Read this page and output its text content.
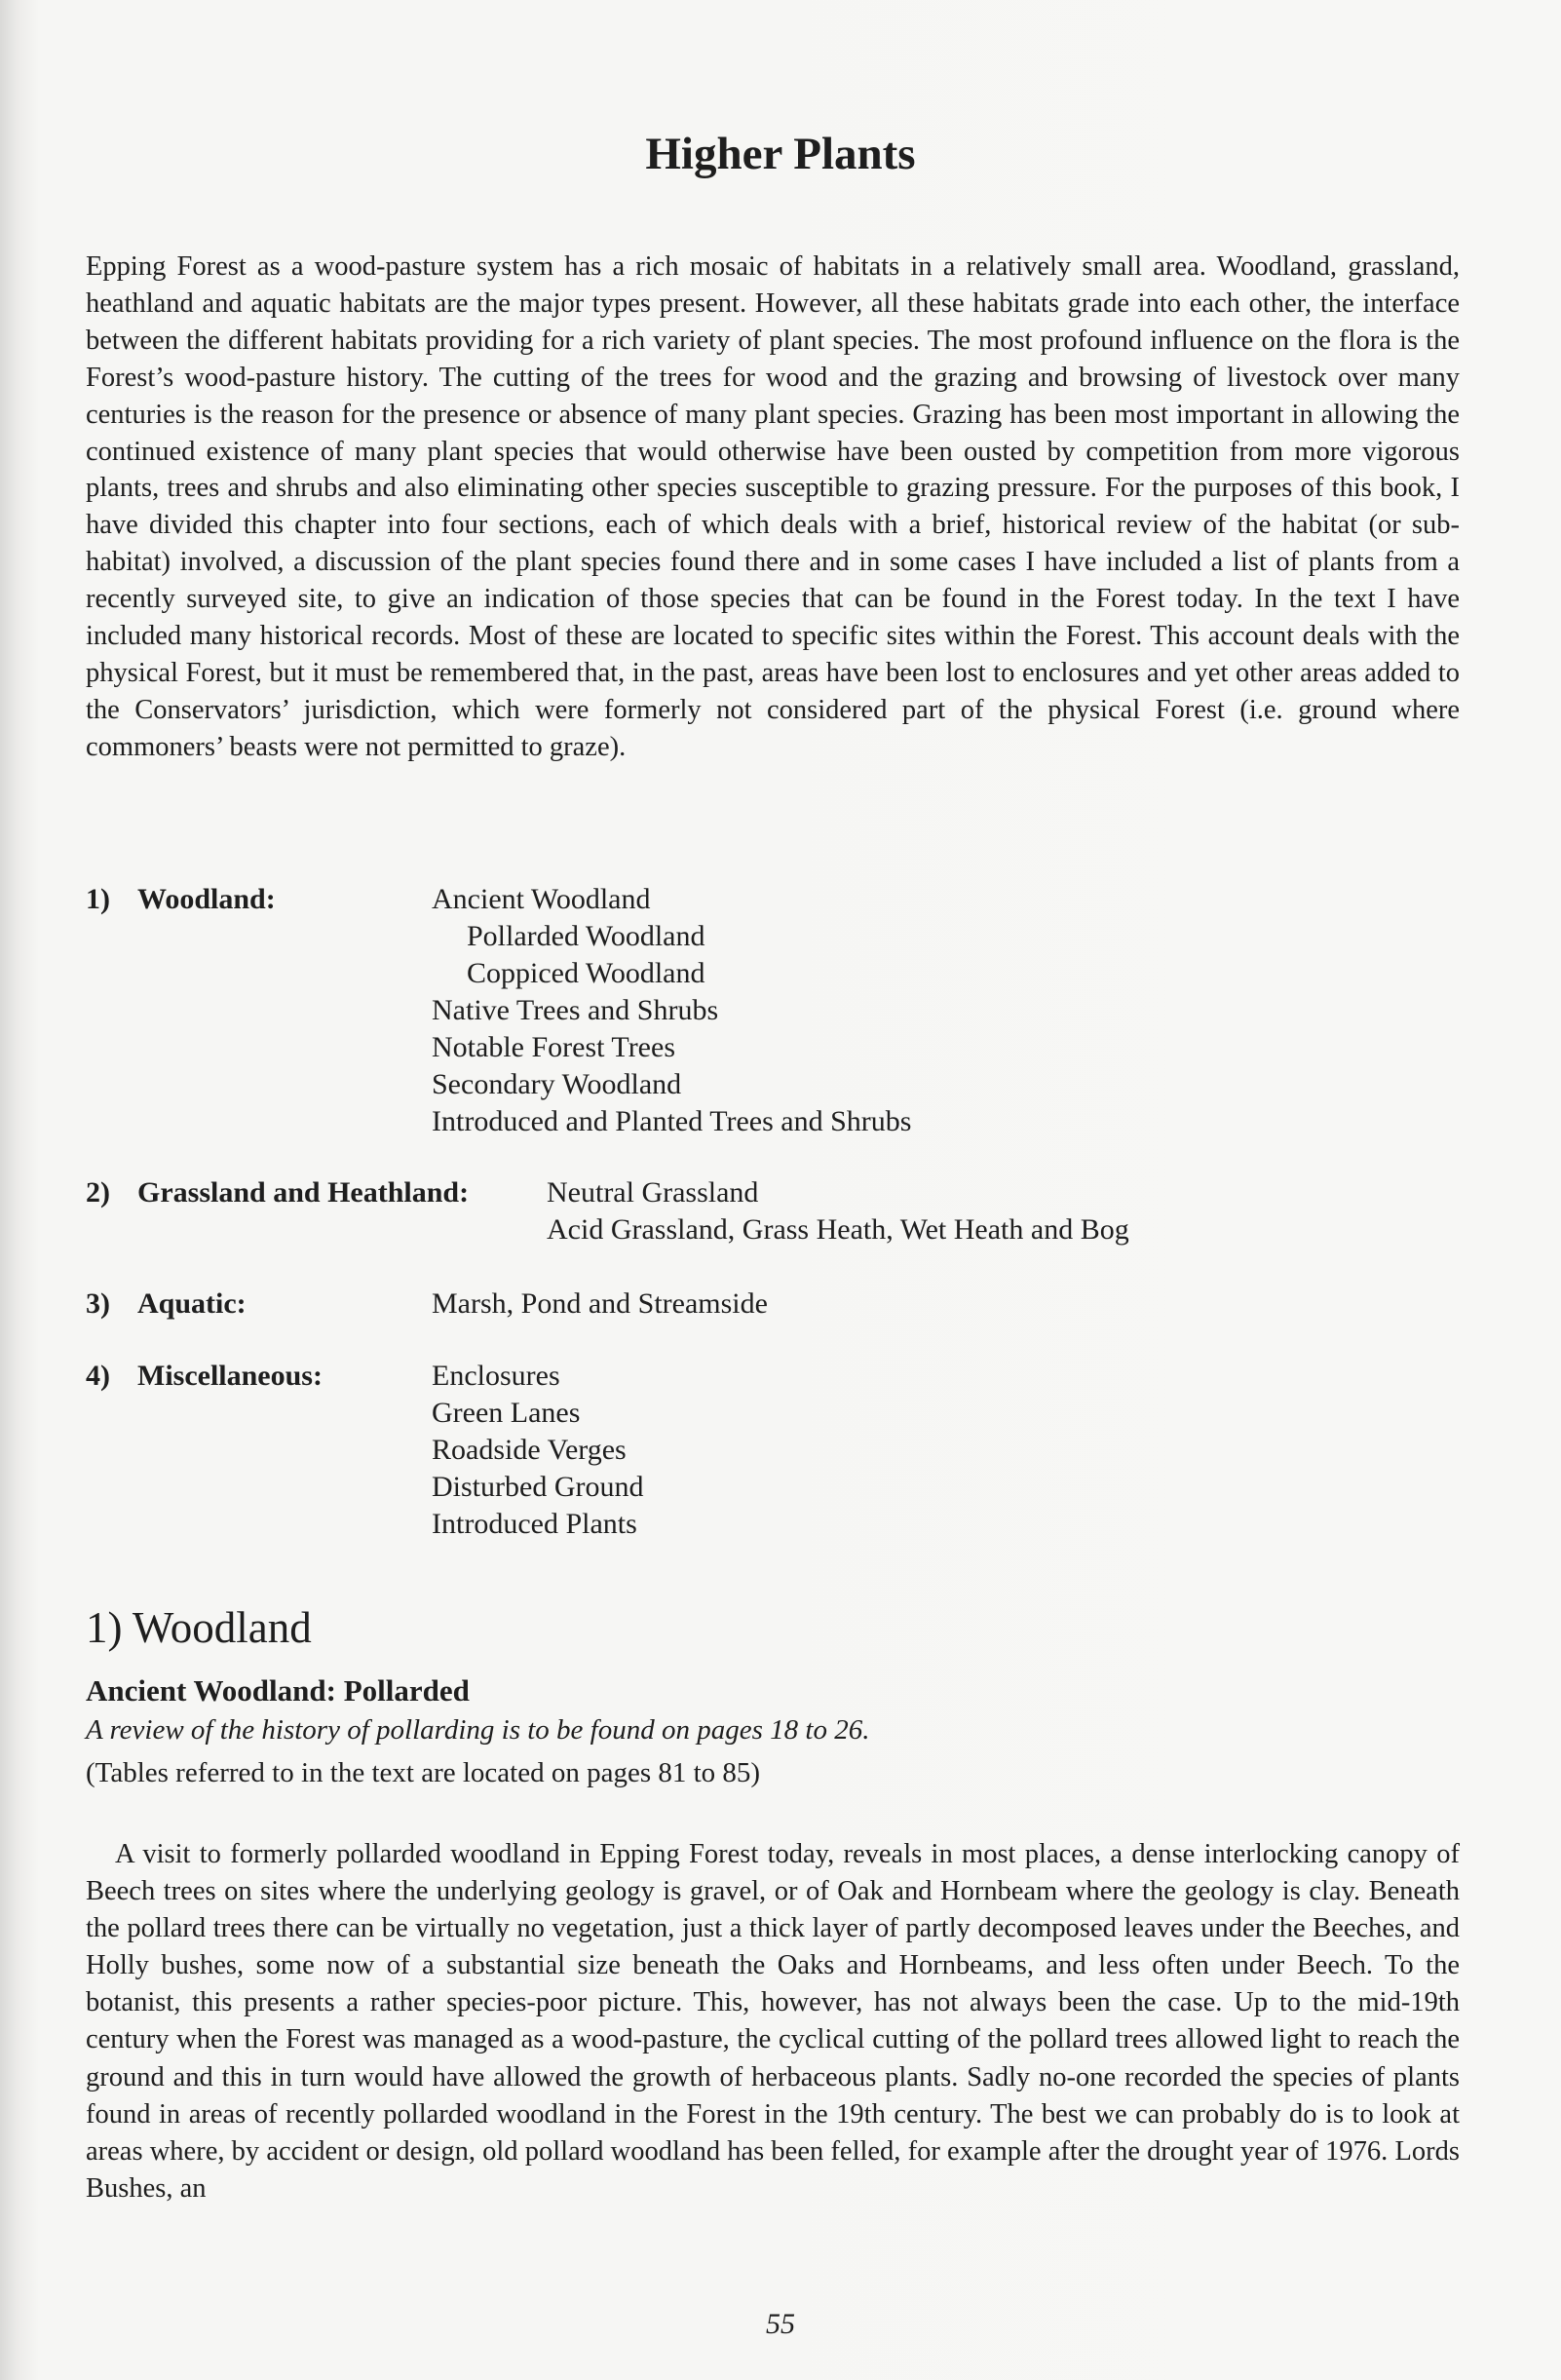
Higher Plants

Epping Forest as a wood-pasture system has a rich mosaic of habitats in a relatively small area. Woodland, grassland, heathland and aquatic habitats are the major types present. However, all these habitats grade into each other, the interface between the different habitats providing for a rich variety of plant species. The most profound influence on the flora is the Forest’s wood-pasture history. The cutting of the trees for wood and the grazing and browsing of livestock over many centuries is the reason for the presence or absence of many plant species. Grazing has been most important in allowing the continued existence of many plant species that would otherwise have been ousted by competition from more vigorous plants, trees and shrubs and also eliminating other species susceptible to grazing pressure. For the purposes of this book, I have divided this chapter into four sections, each of which deals with a brief, historical review of the habitat (or sub-habitat) involved, a discussion of the plant species found there and in some cases I have included a list of plants from a recently surveyed site, to give an indication of those species that can be found in the Forest today. In the text I have included many historical records. Most of these are located to specific sites within the Forest. This account deals with the physical Forest, but it must be remembered that, in the past, areas have been lost to enclosures and yet other areas added to the Conservators’ jurisdiction, which were formerly not considered part of the physical Forest (i.e. ground where commoners’ beasts were not permitted to graze).

1) Woodland:	Ancient Woodland
Pollarded Woodland
Coppiced Woodland
Native Trees and Shrubs
Notable Forest Trees
Secondary Woodland
Introduced and Planted Trees and Shrubs
2) Grassland and Heathland:	Neutral Grassland
Acid Grassland, Grass Heath, Wet Heath and Bog
3) Aquatic:	Marsh, Pond and Streamside
4) Miscellaneous:	Enclosures
Green Lanes
Roadside Verges
Disturbed Ground
Introduced Plants
1) Woodland
Ancient Woodland: Pollarded

A review of the history of pollarding is to be found on pages 18 to 26.

(Tables referred to in the text are located on pages 81 to 85)

A visit to formerly pollarded woodland in Epping Forest today, reveals in most places, a dense interlocking canopy of Beech trees on sites where the underlying geology is gravel, or of Oak and Hornbeam where the geology is clay. Beneath the pollard trees there can be virtually no vegetation, just a thick layer of partly decomposed leaves under the Beeches, and Holly bushes, some now of a substantial size beneath the Oaks and Hornbeams, and less often under Beech. To the botanist, this presents a rather species-poor picture. This, however, has not always been the case. Up to the mid-19th century when the Forest was managed as a wood-pasture, the cyclical cutting of the pollard trees allowed light to reach the ground and this in turn would have allowed the growth of herbaceous plants. Sadly no-one recorded the species of plants found in areas of recently pollarded woodland in the Forest in the 19th century. The best we can probably do is to look at areas where, by accident or design, old pollard woodland has been felled, for example after the drought year of 1976. Lords Bushes, an

55
